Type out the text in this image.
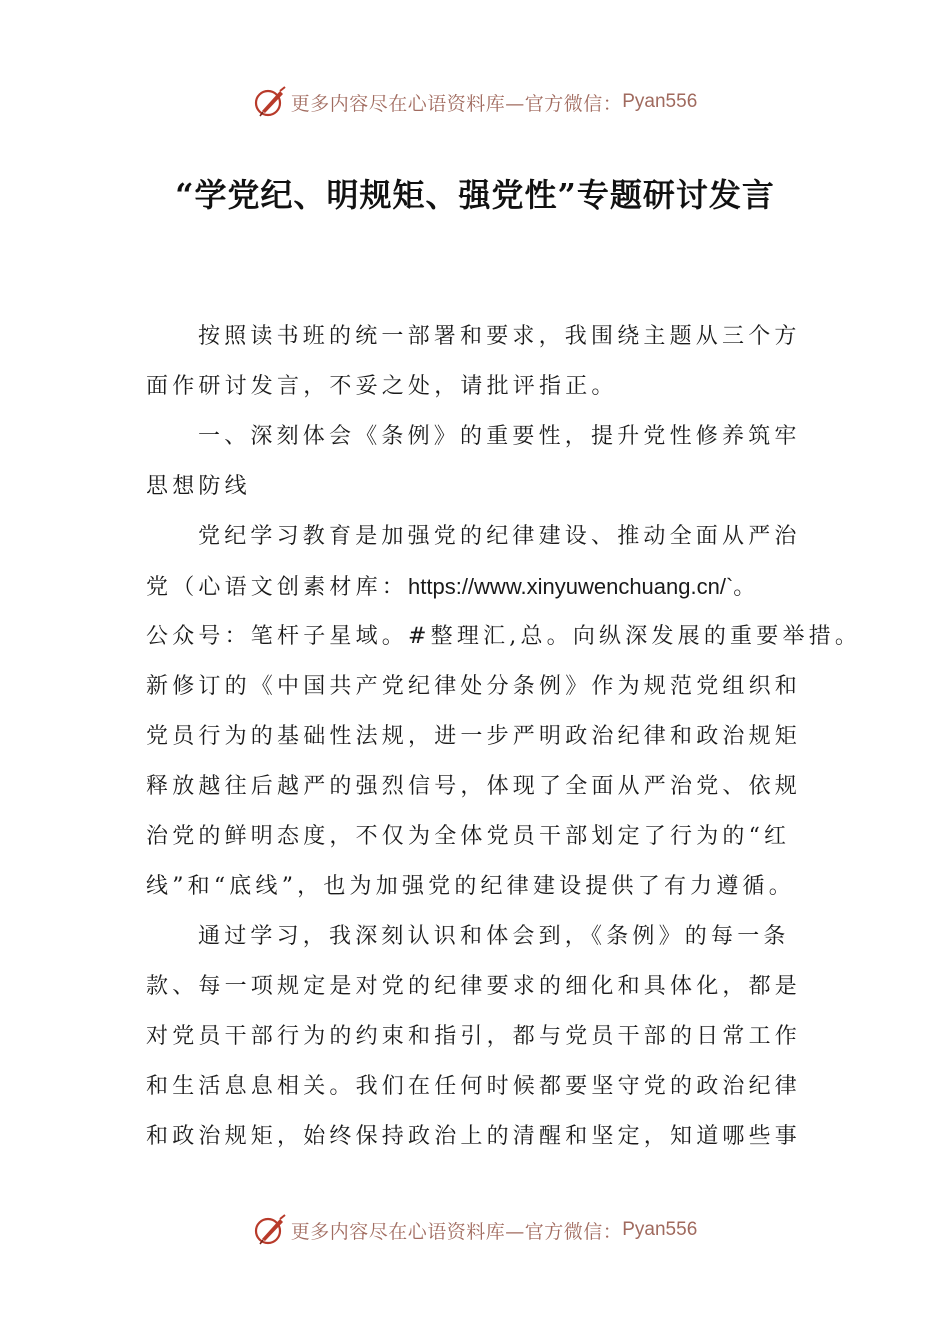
更多内容尽在心语资料库—官方微信： Pyan556
“学党纪、明规矩、强党性”专题研讨发言
按照读书班的统一部署和要求，我围绕主题从三个方
面作研讨发言，不妥之处，请批评指正。
一、深刻体会《条例》的重要性，提升党性修养筑牢
思想防线
党纪学习教育是加强党的纪律建设、推动全面从严治
党（心语文创素材库：https://www.xinyuwenchuang.cn/`。
公众号：笔杆子星域。#整理汇,总。向纵深发展的重要举措。
新修订的《中国共产党纪律处分条例》作为规范党组织和
党员行为的基础性法规，进一步严明政治纪律和政治规矩
释放越往后越严的强烈信号，体现了全面从严治党、依规
治党的鲜明态度，不仅为全体党员干部划定了行为的“红
线”和“底线”，也为加强党的纪律建设提供了有力遵循。
通过学习，我深刻认识和体会到，《条例》的每一条
款、每一项规定是对党的纪律要求的细化和具体化，都是
对党员干部行为的约束和指引，都与党员干部的日常工作
和生活息息相关。我们在任何时候都要坚守党的政治纪律
和政治规矩，始终保持政治上的清醒和坚定，知道哪些事
更多内容尽在心语资料库—官方微信： Pyan556
